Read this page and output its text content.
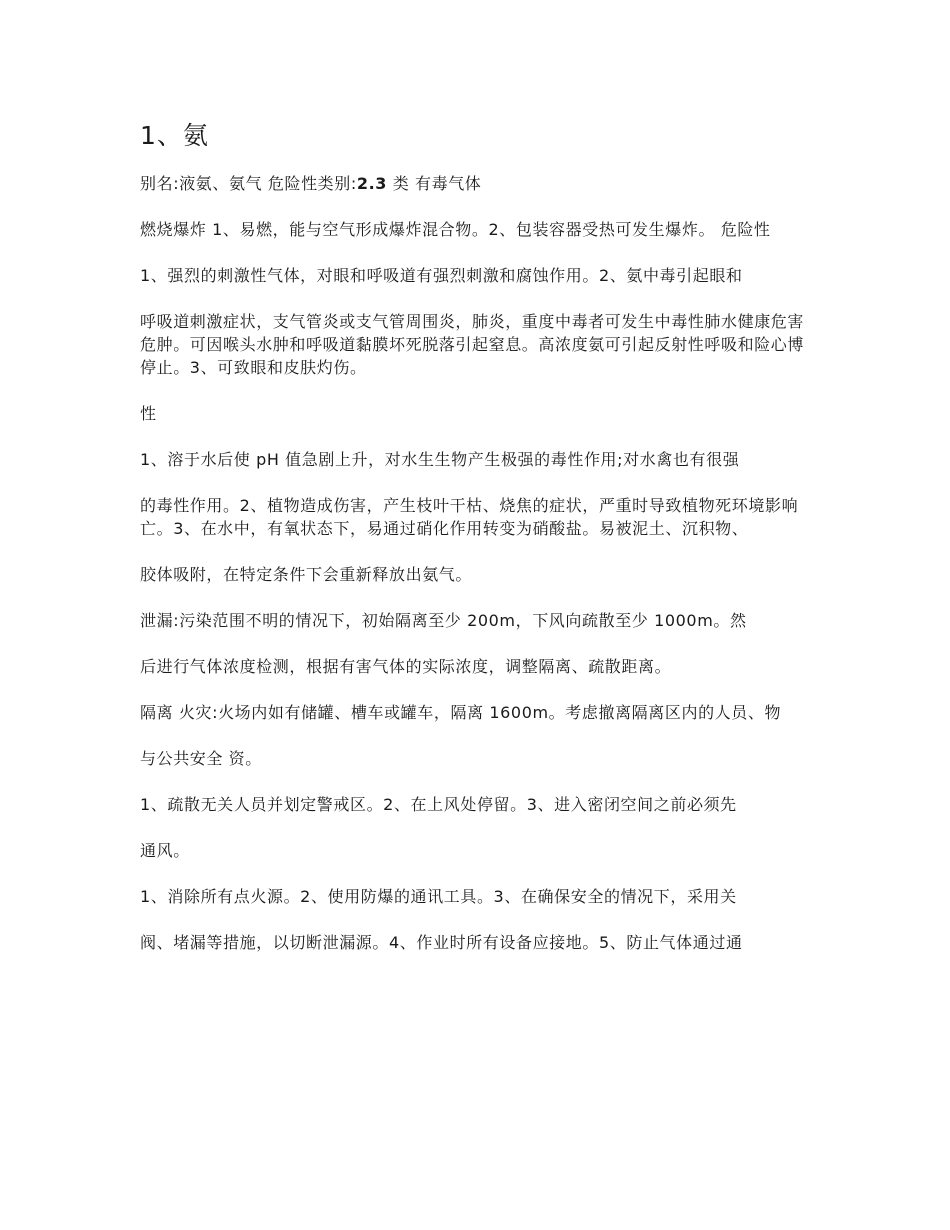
1、氨

别名:液氨、氨气 危险性类别:2.3 类 有毒气体

燃烧爆炸 1、易燃，能与空气形成爆炸混合物。2、包装容器受热可发生爆炸。 危险性

1、强烈的刺激性气体，对眼和呼吸道有强烈刺激和腐蚀作用。2、氨中毒引起眼和

呼吸道刺激症状，支气管炎或支气管周围炎，肺炎，重度中毒者可发生中毒性肺水健康危害 危肿。可因喉头水肿和呼吸道黏膜坏死脱落引起窒息。高浓度氨可引起反射性呼吸和险心博停止。3、可致眼和皮肤灼伤。

性

1、溶于水后使 pH 值急剧上升，对水生生物产生极强的毒性作用;对水禽也有很强

的毒性作用。2、植物造成伤害，产生枝叶干枯、烧焦的症状，严重时导致植物死环境影响 亡。3、在水中，有氧状态下，易通过硝化作用转变为硝酸盐。易被泥土、沉积物、

胶体吸附，在特定条件下会重新释放出氨气。

泄漏:污染范围不明的情况下，初始隔离至少 200m，下风向疏散至少 1000m。然

后进行气体浓度检测，根据有害气体的实际浓度，调整隔离、疏散距离。

隔离 火灾:火场内如有储罐、槽车或罐车，隔离 1600m。考虑撤离隔离区内的人员、物

与公共安全 资。

1、疏散无关人员并划定警戒区。2、在上风处停留。3、进入密闭空间之前必须先

通风。

1、消除所有点火源。2、使用防爆的通讯工具。3、在确保安全的情况下，采用关

阀、堵漏等措施，以切断泄漏源。4、作业时所有设备应接地。5、防止气体通过通
